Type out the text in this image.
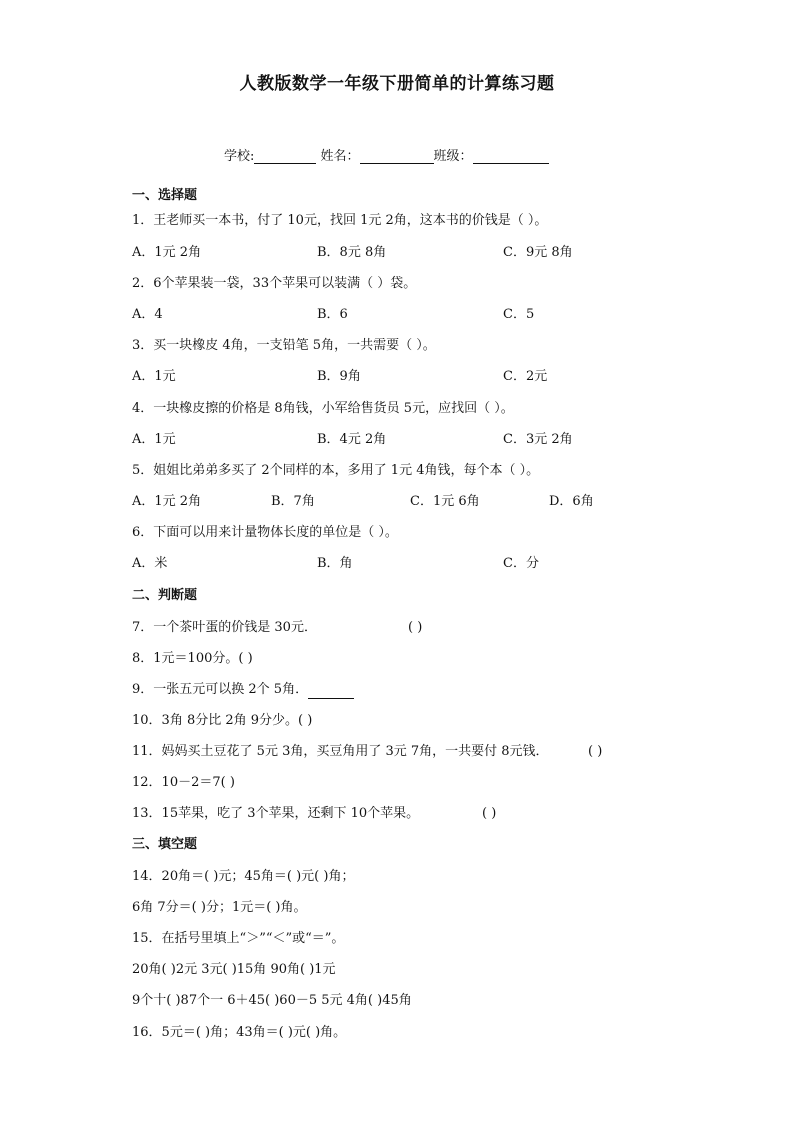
人教版数学一年级下册简单的计算练习题
学校:	姓名：	班级：
一、选择题
1．王老师买一本书，付了 10元，找回 1元 2角，这本书的价钱是（ ）。
A．1元 2角	B．8元 8角	C．9元 8角
2．6个苹果装一袋，33个苹果可以装满（ ）袋。
A．4	B．6	C．5
3．买一块橡皮 4角，一支铅笔 5角，一共需要（ ）。
A．1元	B．9角	C．2元
4．一块橡皮擦的价格是 8角钱，小军给售货员 5元，应找回（ ）。
A．1元	B．4元 2角	C．3元 2角
5．姐姐比弟弟多买了 2个同样的本，多用了 1元 4角钱，每个本（ ）。
A．1元 2角	B．7角	C．1元 6角	D．6角
6．下面可以用来计量物体长度的单位是（ ）。
A．米	B．角	C．分
二、判断题
7．一个茶叶蛋的价钱是 30元．	( )
8．1元＝100分。( )
9．一张五元可以换 2个 5角．
10．3角 8分比 2角 9分少。( )
11．妈妈买土豆花了 5元 3角，买豆角用了 3元 7角，一共要付 8元钱．	( )
12．10－2＝7( )
13．15苹果，吃了 3个苹果，还剩下 10个苹果。	( )
三、填空题
14．20角＝( )元；45角＝( )元( )角；
6角 7分＝( )分；1元＝( )角。
15．在括号里填上“＞”“＜”或“＝”。
20角( )2元 3元( )15角 90角( )1元
9个十( )87个一 6＋45( )60－5 5元 4角( )45角
16．5元＝( )角；43角＝( )元( )角。
